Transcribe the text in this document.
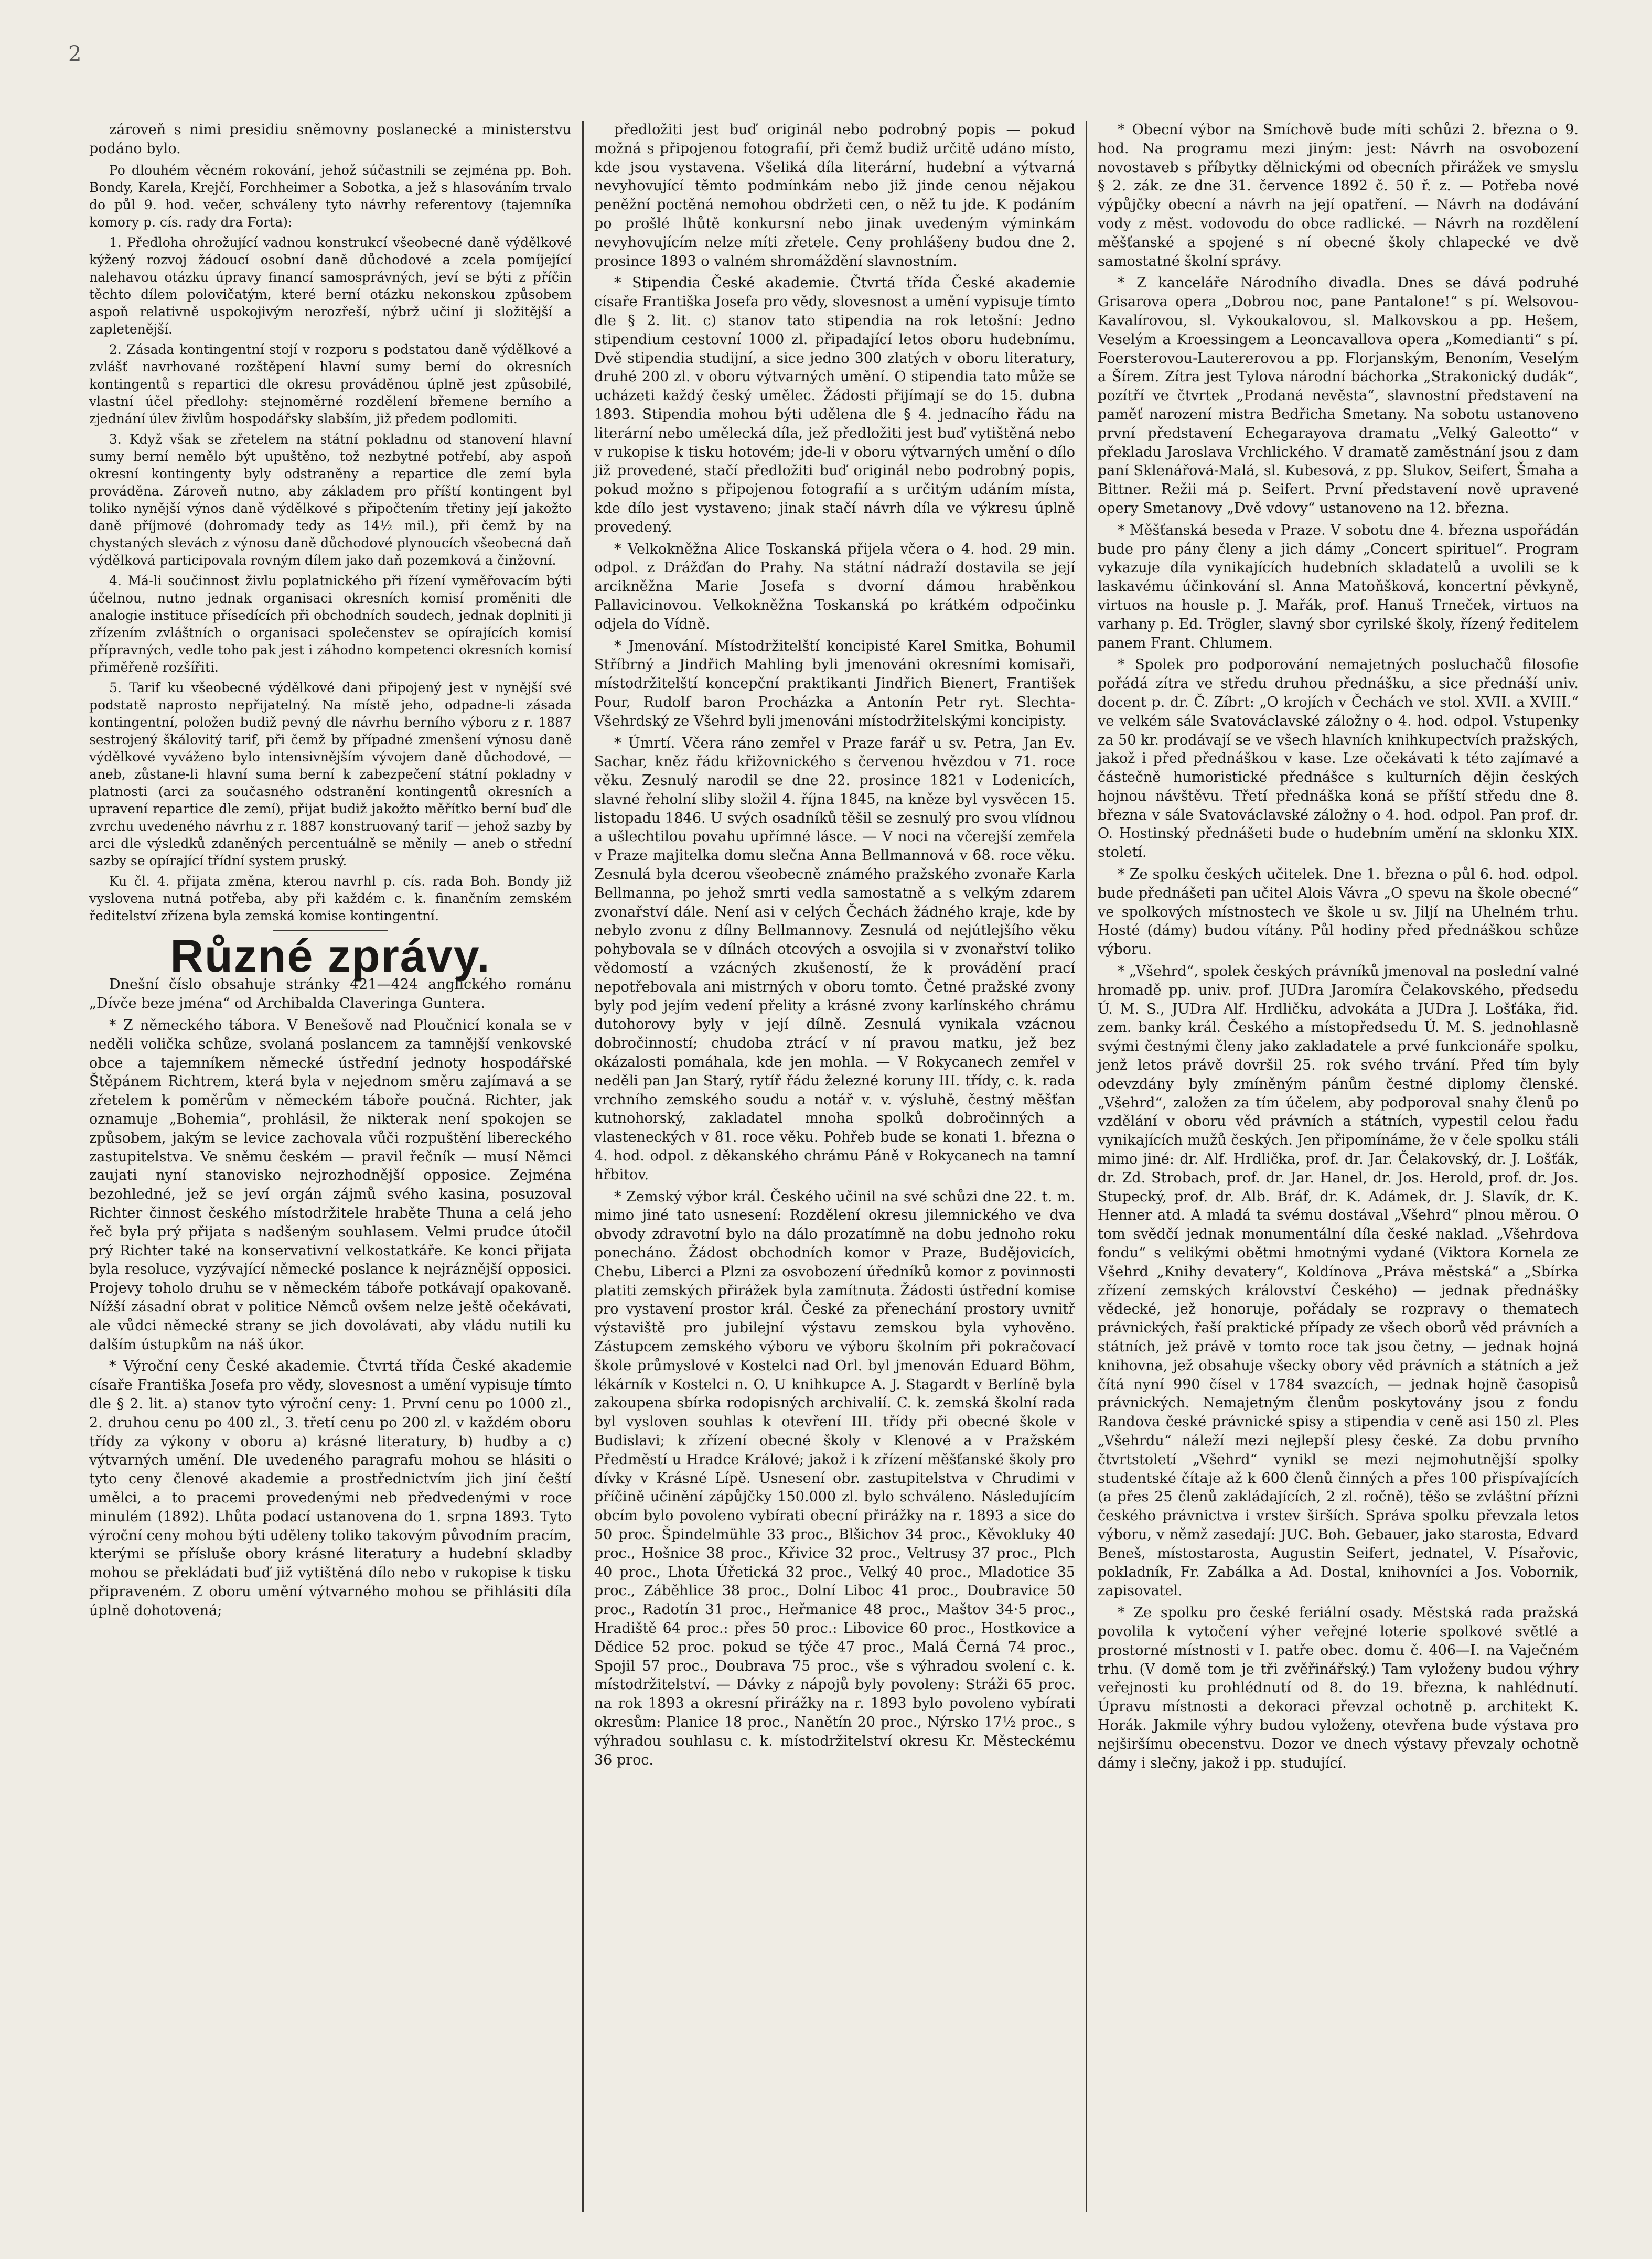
2

zároveň s nimi presidiu sněmovny poslanecké a ministerstvu podáno bylo.

Po dlouhém věcném rokování, jehož súčastnili se zejména pp. Boh. Bondy, Karela, Krejčí, Forchheimer a Sobotka, a jež s hlasováním trvalo do půl 9. hod. večer, schváleny tyto návrhy referentovy (tajemníka komory p. cís. rady dra Forta):

1. Předloha ohrožující vadnou konstrukcí všeobecné daně výdělkové kýžený rozvoj žádoucí osobní daně důchodové a zcela pomíjející nalehavou otázku úpravy financí samosprávných, jeví se býti z příčin těchto dílem polovičatým, které berní otázku nekonskou způsobem aspoň relativně uspokojivým nerozřeší, nýbrž učiní ji složitější a zapletenější.

2. Zásada kontingentní stojí v rozporu s podstatou daně výdělkové a zvlášť navrhované rozštěpení hlavní sumy berní do okresních kontingentů s repartici dle okresu prováděnou úplně jest způsobilé, vlastní účel předlohy: stejnoměrné rozdělení břemene berního a zjednání úlev živlům hospodářsky slabším, již předem podlomiti.

3. Když však se zřetelem na státní pokladnu od stanovení hlavní sumy berní nemělo být upuštěno, tož nezbytné potřebí, aby aspoň okresní kontingenty byly odstraněny a repartice dle zemí byla prováděna. Zároveň nutno, aby základem pro příští kontingent byl toliko nynější výnos daně výdělkové s připočtením třetiny její jakožto daně příjmové (dohromady tedy as 14½ mil.), při čemž by na chystaných slevách z výnosu daně důchodové plynoucích všeobecná daň výdělková participovala rovným dílem jako daň pozemková a činžovní.

4. Má-li součinnost živlu poplatnického při řízení vyměřovacím býti účelnou, nutno jednak organisaci okresních komisí proměniti dle analogie instituce přísedících při obchodních soudech, jednak doplniti ji zřízením zvláštních o organisaci společenstev se opírajících komisí přípravných, vedle toho pak jest i záhodno kompetenci okresních komisí přiměřeně rozšířiti.

5. Tarif ku všeobecné výdělkové dani připojený jest v nynější své podstatě naprosto nepřijatelný. Na místě jeho, odpadne-li zásada kontingentní, položen budiž pevný dle návrhu berního výboru z r. 1887 sestrojený škálovitý tarif, při čemž by případné zmenšení výnosu daně výdělkové vyváženo bylo intensivnějším vývojem daně důchodové, — aneb, zůstane-li hlavní suma berní k zabezpečení státní pokladny v platnosti (arci za současného odstranění kontingentů okresních a upravení repartice dle zemí), přijat budiž jakožto měřítko berní buď dle zvrchu uvedeného návrhu z r. 1887 konstruovaný tarif — jehož sazby by arci dle výsledků zdaněných percentuálně se měnily — aneb o střední sazby se opírající třídní system pruský.

Ku čl. 4. přijata změna, kterou navrhl p. cís. rada Boh. Bondy již vyslovena nutná potřeba, aby při každém c. k. finančním zemském ředitelství zřízena byla zemská komise kontingentní.

Různé zprávy.

Dnešní číslo obsahuje stránky 421—424 anglického románu „Dívče beze jména“ od Archibalda Claveringa Guntera.

* Z německého tábora. V Benešově nad Ploučnicí konala se v neděli volička schůze, svolaná poslancem za tamnější venkovské obce a tajemníkem německé ústřední jednoty hospodářské Štěpánem Richtrem, která byla v nejednom směru zajímavá a se zřetelem k poměrům v německém táboře poučná. Richter, jak oznamuje „Bohemia“, prohlásil, že nikterak není spokojen se způsobem, jakým se levice zachovala vůči rozpuštění libereckého zastupitelstva. Ve sněmu českém — pravil řečník — musí Němci zaujati nyní stanovisko nejrozhodnější opposice. Zejména bezohledné, jež se jeví orgán zájmů svého kasina, posuzoval Richter činnost českého místodržitele hraběte Thuna a celá jeho řeč byla prý přijata s nadšeným souhlasem. Velmi prudce útočil prý Richter také na konservativní velkostatkáře. Ke konci přijata byla resoluce, vyzývající německé poslance k nejráznější opposici. Projevy toholo druhu se v německém táboře potkávají opakovaně. Nížší zásadní obrat v politice Němců ovšem nelze ještě očekávati, ale vůdci německé strany se jich dovolávati, aby vládu nutili ku dalším ústupkům na náš úkor.

* Výroční ceny České akademie. Čtvrtá třída České akademie císaře Františka Josefa pro vědy, slovesnost a umění vypisuje tímto dle § 2. lit. a) stanov tyto výroční ceny: 1. První cenu po 1000 zl., 2. druhou cenu po 400 zl., 3. třetí cenu po 200 zl. v každém oboru třídy za výkony v oboru a) krásné literatury, b) hudby a c) výtvarných umění. Dle uvedeného paragrafu mohou se hlásiti o tyto ceny členové akademie a prostřednictvím jich jiní čeští umělci, a to pracemi provedenými neb předvedenými v roce minulém (1892). Lhůta podací ustanovena do 1. srpna 1893. Tyto výroční ceny mohou býti uděleny toliko takovým původním pracím, kterými se přísluše obory krásné literatury a hudební skladby mohou se překládati buď již vytištěná dílo nebo v rukopise k tisku připraveném. Z oboru umění výtvarného mohou se přihlásiti díla úplně dohotovená;

předložiti jest buď originál nebo podrobný popis — pokud možná s připojenou fotografií, při čemž budiž určitě udáno místo, kde jsou vystavena. Všeliká díla literární, hudební a výtvarná nevyhovující těmto podmínkám nebo již jinde cenou nějakou peněžní poctěná nemohou obdržeti cen, o něž tu jde. K podáním po prošlé lhůtě konkursní nebo jinak uvedeným výminkám nevyhovujícím nelze míti zřetele. Ceny prohlášeny budou dne 2. prosince 1893 o valném shromáždění slavnostním.

* Stipendia České akademie. Čtvrtá třída České akademie císaře Františka Josefa pro vědy, slovesnost a umění vypisuje tímto dle § 2. lit. c) stanov tato stipendia na rok letošní: Jedno stipendium cestovní 1000 zl. připadající letos oboru hudebnímu. Dvě stipendia studijní, a sice jedno 300 zlatých v oboru literatury, druhé 200 zl. v oboru výtvarných umění. O stipendia tato může se ucházeti každý český umělec. Žádosti přijímají se do 15. dubna 1893. Stipendia mohou býti udělena dle § 4. jednacího řádu na literární nebo umělecká díla, jež předložiti jest buď vytištěná nebo v rukopise k tisku hotovém; jde-li v oboru výtvarných umění o dílo již provedené, stačí předložiti buď originál nebo podrobný popis, pokud možno s připojenou fotografií a s určitým udáním místa, kde dílo jest vystaveno; jinak stačí návrh díla ve výkresu úplně provedený.

* Velkokněžna Alice Toskanská přijela včera o 4. hod. 29 min. odpol. z Drážďan do Prahy. Na státní nádraží dostavila se její arcikněžna Marie Josefa s dvorní dámou hraběnkou Pallavicinovou. Velkokněžna Toskanská po krátkém odpočinku odjela do Vídně.

* Jmenování. Místodržitelští koncipisté Karel Smitka, Bohumil Stříbrný a Jindřich Mahling byli jmenováni okresními komisaři, místodržitelští koncepční praktikanti Jindřich Bienert, František Pour, Rudolf baron Procházka a Antonín Petr ryt. Slechta-Všehrdský ze Všehrd byli jmenováni místodržitelskými koncipisty.

* Úmrtí. Včera ráno zemřel v Praze farář u sv. Petra, Jan Ev. Sachar, kněz řádu křižovnického s červenou hvězdou v 71. roce věku. Zesnulý narodil se dne 22. prosince 1821 v Lodenicích, slavné řeholní sliby složil 4. října 1845, na kněze byl vysvěcen 15. listopadu 1846. U svých osadníků těšil se zesnulý pro svou vlídnou a ušlechtilou povahu upřímné lásce. — V noci na včerejší zemřela v Praze majitelka domu slečna Anna Bellmannová v 68. roce věku. Zesnulá byla dcerou všeobecně známého pražského zvonaře Karla Bellmanna, po jehož smrti vedla samostatně a s velkým zdarem zvonařství dále. Není asi v celých Čechách žádného kraje, kde by nebylo zvonu z dílny Bellmannovy. Zesnulá od nejútlejšího věku pohybovala se v dílnách otcových a osvojila si v zvonařství toliko vědomostí a vzácných zkušeností, že k provádění prací nepotřebovala ani mistrných v oboru tomto. Četné pražské zvony byly pod jejím vedení přelity a krásné zvony karlínského chrámu dutohorovy byly v její dílně. Zesnulá vynikala vzácnou dobročinností; chudoba ztrácí v ní pravou matku, jež bez okázalosti pomáhala, kde jen mohla. — V Rokycanech zemřel v neděli pan Jan Starý, rytíř řádu železné koruny III. třídy, c. k. rada vrchního zemského soudu a notář v. v. výsluhě, čestný měšťan kutnohorský, zakladatel mnoha spolků dobročinných a vlasteneckých v 81. roce věku. Pohřeb bude se konati 1. března o 4. hod. odpol. z děkanského chrámu Páně v Rokycanech na tamní hřbitov.

* Zemský výbor král. Českého učinil na své schůzi dne 22. t. m. mimo jiné tato usnesení: Rozdělení okresu jilemnického ve dva obvody zdravotní bylo na dálo prozatímně na dobu jednoho roku ponecháno. Žádost obchodních komor v Praze, Budějovicích, Chebu, Liberci a Plzni za osvobození úředníků komor z povinnosti platiti zemských přirážek byla zamítnuta. Žádosti ústřední komise pro vystavení prostor král. České za přenechání prostory uvnitř výstaviště pro jubilejní výstavu zemskou byla vyhověno. Zástupcem zemského výboru ve výboru školním při pokračovací škole průmyslové v Kostelci nad Orl. byl jmenován Eduard Böhm, lékárník v Kostelci n. O. U knihkupce A. J. Stagardt v Berlíně byla zakoupena sbírka rodopisných archivalií. C. k. zemská školní rada byl vysloven souhlas k otevření III. třídy při obecné škole v Budislavi; k zřízení obecné školy v Klenové a v Pražském Předměstí u Hradce Králové; jakož i k zřízení měšťanské školy pro dívky v Krásné Lípě. Usnesení obr. zastupitelstva v Chrudimi v příčině učinění zápůjčky 150.000 zl. bylo schváleno. Následujícím obcím bylo povoleno vybírati obecní přirážky na r. 1893 a sice do 50 proc. Špindelmühle 33 proc., Blšichov 34 proc., Kěvokluky 40 proc., Hošnice 38 proc., Křivice 32 proc., Veltrusy 37 proc., Plch 40 proc., Lhota Úřetická 32 proc., Velký 40 proc., Mladotice 35 proc., Záběhlice 38 proc., Dolní Liboc 41 proc., Doubravice 50 proc., Radotín 31 proc., Heřmanice 48 proc., Maštov 34·5 proc., Hradiště 64 proc.: přes 50 proc.: Libovice 60 proc., Hostkovice a Dědice 52 proc. pokud se týče 47 proc., Malá Černá 74 proc., Spojil 57 proc., Doubrava 75 proc., vše s výhradou svolení c. k. místodržitelství. — Dávky z nápojů byly povoleny: Stráži 65 proc. na rok 1893 a okresní přirážky na r. 1893 bylo povoleno vybírati okresům: Planice 18 proc., Nanětín 20 proc., Nýrsko 17½ proc., s výhradou souhlasu c. k. místodržitelství okresu Kr. Městeckému 36 proc.

* Obecní výbor na Smíchově bude míti schůzi 2. března o 9. hod. Na programu mezi jiným: jest: Návrh na osvobození novostaveb s příbytky dělnickými od obecních přirážek ve smyslu § 2. zák. ze dne 31. července 1892 č. 50 ř. z. — Potřeba nové výpůjčky obecní a návrh na její opatření. — Návrh na dodávání vody z měst. vodovodu do obce radlické. — Návrh na rozdělení měšťanské a spojené s ní obecné školy chlapecké ve dvě samostatné školní správy.

* Z kanceláře Národního divadla. Dnes se dává podruhé Grisarova opera „Dobrou noc, pane Pantalone!“ s pí. Welsovou-Kavalírovou, sl. Vykoukalovou, sl. Malkovskou a pp. Hešem, Veselým a Kroessingem a Leoncavallova opera „Komedianti“ s pí. Foersterovou-Lautererovou a pp. Florjanským, Benoním, Veselým a Šírem. Zítra jest Tylova národní báchorka „Strakonický dudák“, pozítří ve čtvrtek „Prodaná nevěsta“, slavnostní představení na paměť narození mistra Bedřicha Smetany. Na sobotu ustanoveno první představení Echegarayova dramatu „Velký Galeotto“ v překladu Jaroslava Vrchlického. V dramatě zaměstnání jsou z dam paní Sklenářová-Malá, sl. Kubesová, z pp. Slukov, Seifert, Šmaha a Bittner. Režii má p. Seifert. První představení nově upravené opery Smetanovy „Dvě vdovy“ ustanoveno na 12. března.

* Měšťanská beseda v Praze. V sobotu dne 4. března uspořádán bude pro pány členy a jich dámy „Concert spirituel“. Program vykazuje díla vynikajících hudebních skladatelů a uvolili se k laskavému účinkování sl. Anna Matoňšková, koncertní pěvkyně, virtuos na housle p. J. Mařák, prof. Hanuš Trneček, virtuos na varhany p. Ed. Trögler, slavný sbor cyrilské školy, řízený ředitelem panem Frant. Chlumem.

* Spolek pro podporování nemajetných posluchačů filosofie pořádá zítra ve středu druhou přednášku, a sice přednáší univ. docent p. dr. Č. Zíbrt: „O krojích v Čechách ve stol. XVII. a XVIII.“ ve velkém sále Svatováclavské záložny o 4. hod. odpol. Vstupenky za 50 kr. prodávají se ve všech hlavních knihkupectvích pražských, jakož i před přednáškou v kase. Lze očekávati k této zajímavé a částečně humoristické přednášce s kulturních dějin českých hojnou návštěvu. Třetí přednáška koná se příští středu dne 8. března v sále Svatováclavské záložny o 4. hod. odpol. Pan prof. dr. O. Hostinský přednášeti bude o hudebním umění na sklonku XIX. století.

* Ze spolku českých učitelek. Dne 1. března o půl 6. hod. odpol. bude přednášeti pan učitel Alois Vávra „O spevu na škole obecné“ ve spolkových místnostech ve škole u sv. Jiljí na Uhelném trhu. Hosté (dámy) budou vítány. Půl hodiny před přednáškou schůze výboru.

* „Všehrd“, spolek českých právníků jmenoval na poslední valné hromadě pp. univ. prof. JUDra Jaromíra Čelakovského, předsedu Ú. M. S., JUDra Alf. Hrdličku, advokáta a JUDra J. Lošťáka, řid. zem. banky král. Českého a místopředsedu Ú. M. S. jednohlasně svými čestnými členy jako zakladatele a prvé funkcionáře spolku, jenž letos právě dovršil 25. rok svého trvání. Před tím byly odevzdány byly zmíněným pánům čestné diplomy členské. „Všehrd“, založen za tím účelem, aby podporoval snahy členů po vzdělání v oboru věd právních a státních, vypestil celou řadu vynikajících mužů českých. Jen připomínáme, že v čele spolku stáli mimo jiné: dr. Alf. Hrdlička, prof. dr. Jar. Čelakovský, dr. J. Lošťák, dr. Zd. Strobach, prof. dr. Jar. Hanel, dr. Jos. Herold, prof. dr. Jos. Stupecký, prof. dr. Alb. Bráf, dr. K. Adámek, dr. J. Slavík, dr. K. Henner atd. A mladá ta svému dostával „Všehrd“ plnou měrou. O tom svědčí jednak monumentální díla české naklad. „Všehrdova fondu“ s velikými obětmi hmotnými vydané (Viktora Kornela ze Všehrd „Knihy devatery“, Koldínova „Práva městská“ a „Sbírka zřízení zemských království Českého) — jednak přednášky vědecké, jež honoruje, pořádaly se rozpravy o thematech právnických, řaší praktické případy ze všech oborů věd právních a státních, jež právě v tomto roce tak jsou četny, — jednak hojná knihovna, jež obsahuje všecky obory věd právních a státních a jež čítá nyní 990 čísel v 1784 svazcích, — jednak hojně časopisů právnických. Nemajetným členům poskytovány jsou z fondu Randova české právnické spisy a stipendia v ceně asi 150 zl. Ples „Všehrdu“ náleží mezi nejlepší plesy české. Za dobu prvního čtvrtstoletí „Všehrd“ vynikl se mezi nejmohutnější spolky studentské čítaje až k 600 členů činných a přes 100 přispívajících (a přes 25 členů zakládajících, 2 zl. ročně), těšo se zvláštní přízni českého právnictva i vrstev širších. Správa spolku převzala letos výboru, v němž zasedají: JUC. Boh. Gebauer, jako starosta, Edvard Beneš, místostarosta, Augustin Seifert, jednatel, V. Písařovic, pokladník, Fr. Zabálka a Ad. Dostal, knihovníci a Jos. Vobornik, zapisovatel.

* Ze spolku pro české feriální osady. Městská rada pražská povolila k vytočení výher veřejné loterie spolkové světlé a prostorné místnosti v I. patře obec. domu č. 406—I. na Vaječném trhu. (V domě tom je tři zvěřinářský.) Tam vyloženy budou výhry veřejnosti ku prohlédnutí od 8. do 19. března, k nahlédnutí. Úpravu místnosti a dekoraci převzal ochotně p. architekt K. Horák. Jakmile výhry budou vyloženy, otevřena bude výstava pro nejširšímu obecenstvu. Dozor ve dnech výstavy převzaly ochotně dámy i slečny, jakož i pp. studující.
